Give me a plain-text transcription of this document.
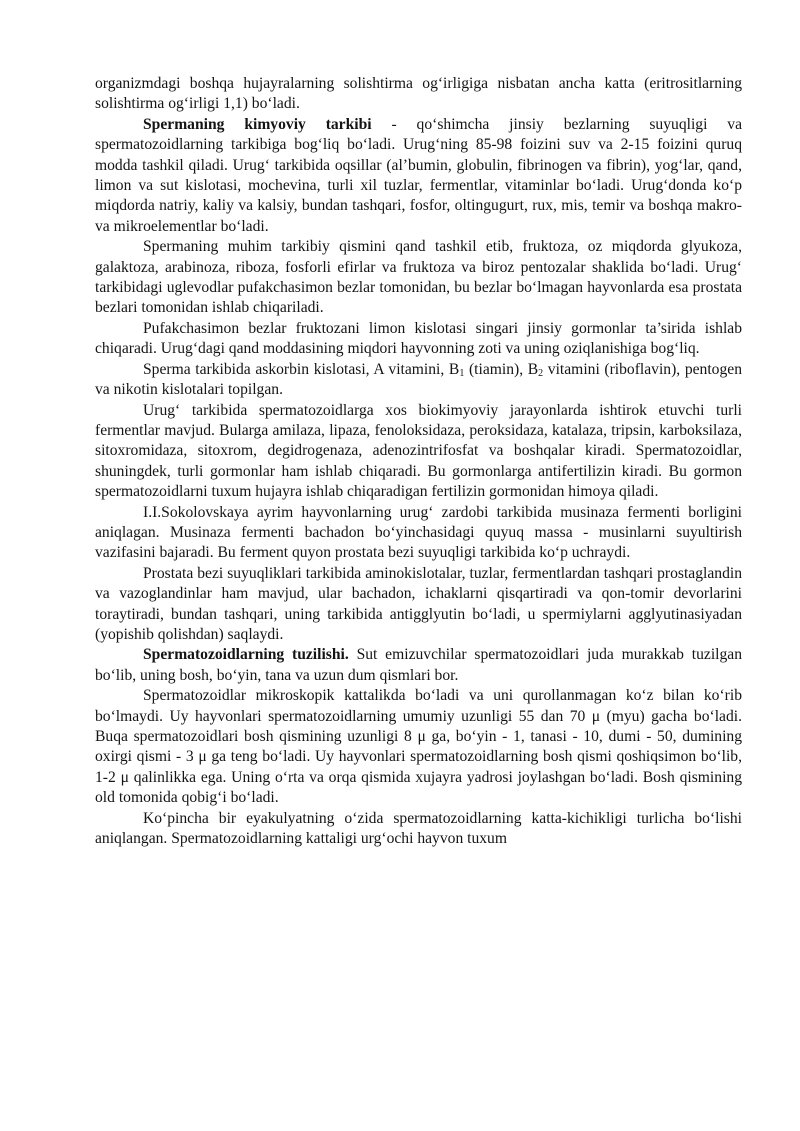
organizmdagi boshqa hujayralarning solishtirma og‘irligiga nisbatan ancha katta (eritrositlarning solishtirma og‘irligi 1,1) bo‘ladi.

Spermaning kimyoviy tarkibi - qo‘shimcha jinsiy bezlarning suyuqligi va spermatozoidlarning tarkibiga bog‘liq bo‘ladi. Urug‘ning 85-98 foizini suv va 2-15 foizini quruq modda tashkil qiladi. Urug‘ tarkibida oqsillar (al’bumin, globulin, fibrinogen va fibrin), yog‘lar, qand, limon va sut kislotasi, mochevina, turli xil tuzlar, fermentlar, vitaminlar bo‘ladi. Urug‘donda ko‘p miqdorda natriy, kaliy va kalsiy, bundan tashqari, fosfor, oltingugurt, rux, mis, temir va boshqa makro- va mikroelementlar bo‘ladi.

Spermaning muhim tarkibiy qismini qand tashkil etib, fruktoza, oz miqdorda glyukoza, galaktoza, arabinoza, riboza, fosforli efirlar va fruktoza va biroz pentozalar shaklida bo‘ladi. Urug‘ tarkibidagi uglevodlar pufakchasimon bezlar tomonidan, bu bezlar bo‘lmagan hayvonlarda esa prostata bezlari tomonidan ishlab chiqariladi.

Pufakchasimon bezlar fruktozani limon kislotasi singari jinsiy gormonlar ta’sirida ishlab chiqaradi. Urug‘dagi qand moddasining miqdori hayvonning zoti va uning oziqlanishiga bog‘liq.

Sperma tarkibida askorbin kislotasi, A vitamini, $B_1$ (tiamin), $B_2$ vitamini (riboflavin), pentogen va nikotin kislotalari topilgan.

Urug‘ tarkibida spermatozoidlarga xos biokimyoviy jarayonlarda ishtirok etuvchi turli fermentlar mavjud. Bularga amilaza, lipaza, fenoloksidaza, peroksidaza, katalaza, tripsin, karboksilaza, sitoxromidaza, sitoxrom, degidrogenaza, adenozintrifosfat va boshqalar kiradi. Spermatozoidlar, shuningdek, turli gormonlar ham ishlab chiqaradi. Bu gormonlarga antifertilizin kiradi. Bu gormon spermatozoidlarni tuxum hujayra ishlab chiqaradigan fertilizin gormonidan himoya qiladi.

I.I.Sokolovskaya ayrim hayvonlarning urug‘ zardobi tarkibida musinaza fermenti borligini aniqlagan. Musinaza fermenti bachadon bo‘yinchasidagi quyuq massa - musinlarni suyultirish vazifasini bajaradi. Bu ferment quyon prostata bezi suyuqligi tarkibida ko‘p uchraydi.

Prostata bezi suyuqliklari tarkibida aminokislotalar, tuzlar, fermentlardan tashqari prostaglandin va vazoglandinlar ham mavjud, ular bachadon, ichaklarni qisqartiradi va qon-tomir devorlarini toraytiradi, bundan tashqari, uning tarkibida antigglyutin bo‘ladi, u spermiylarni agglyutinasiyadan (yopishib qolishdan) saqlaydi.

Spermatozoidlarning tuzilishi. Sut emizuvchilar spermatozoidlari juda murakkab tuzilgan bo‘lib, uning bosh, bo‘yin, tana va uzun dum qismlari bor.

Spermatozoidlar mikroskopik kattalikda bo‘ladi va uni qurollanmagan ko‘z bilan ko‘rib bo‘lmaydi. Uy hayvonlari spermatozoidlarning umumiy uzunligi 55 dan 70 μ (myu) gacha bo‘ladi. Buqa spermatozoidlari bosh qismining uzunligi 8 μ ga, bo‘yin - 1, tanasi - 10, dumi - 50, dumining oxirgi qismi - 3 μ ga teng bo‘ladi. Uy hayvonlari spermatozoidlarning bosh qismi qoshiqsimon bo‘lib, 1-2 μ qalinlikka ega. Uning o‘rta va orqa qismida xujayra yadrosi joylashgan bo‘ladi. Bosh qismining old tomonida qobig‘i bo‘ladi.

Ko‘pincha bir eyakulyatning o‘zida spermatozoidlarning katta-kichikligi turlicha bo‘lishi aniqlangan. Spermatozoidlarning kattaligi urg‘ochi hayvon tuxum
